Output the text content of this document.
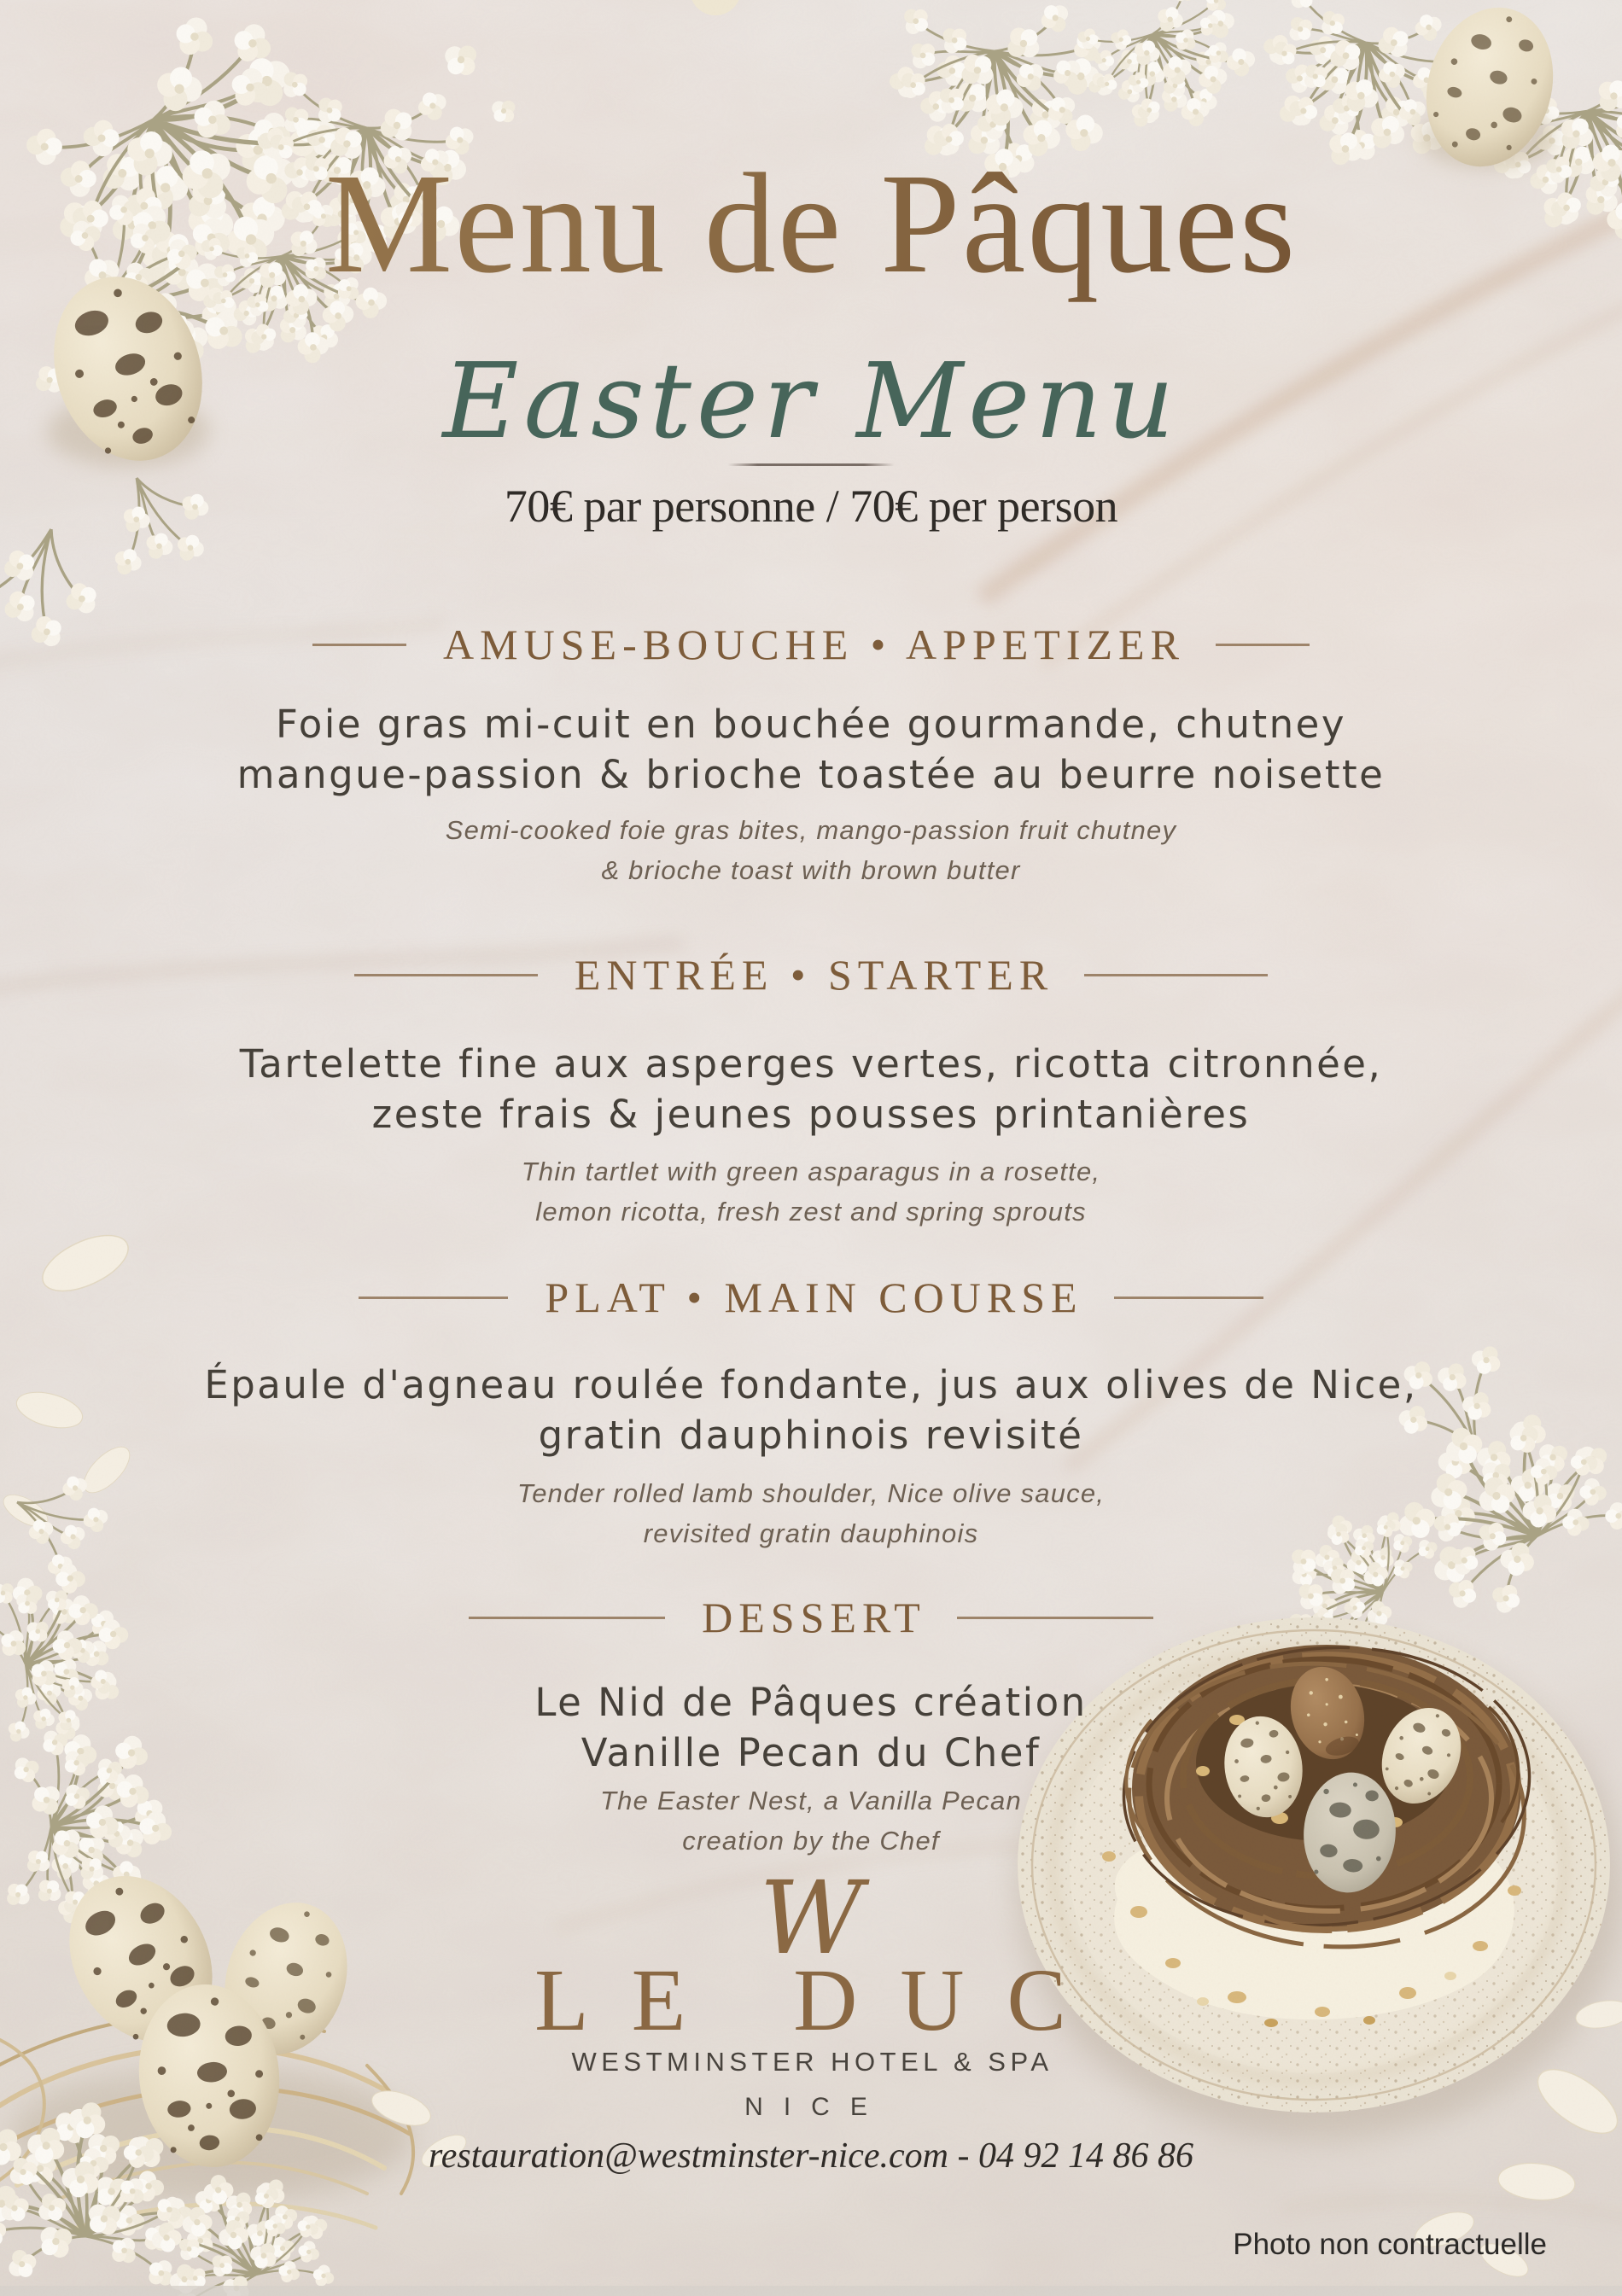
Menu de Pâques
Easter Menu
70€ par personne / 70€ per person
AMUSE-BOUCHE • APPETIZER
Foie gras mi-cuit en bouchée gourmande, chutney
mangue-passion & brioche toastée au beurre noisette
Semi-cooked foie gras bites, mango-passion fruit chutney
& brioche toast with brown butter
ENTRÉE • STARTER
Tartelette fine aux asperges vertes, ricotta citronnée,
zeste frais & jeunes pousses printanières
Thin tartlet with green asparagus in a rosette,
lemon ricotta, fresh zest and spring sprouts
PLAT • MAIN COURSE
Épaule d'agneau roulée fondante, jus aux olives de Nice,
gratin dauphinois revisité
Tender rolled lamb shoulder, Nice olive sauce,
revisited gratin dauphinois
DESSERT
Le Nid de Pâques création
Vanille Pecan du Chef
The Easter Nest, a Vanilla Pecan
creation by the Chef
W
LE DUC
WESTMINSTER HOTEL & SPA
NICE
restauration@westminster-nice.com - 04 92 14 86 86
Photo non contractuelle
